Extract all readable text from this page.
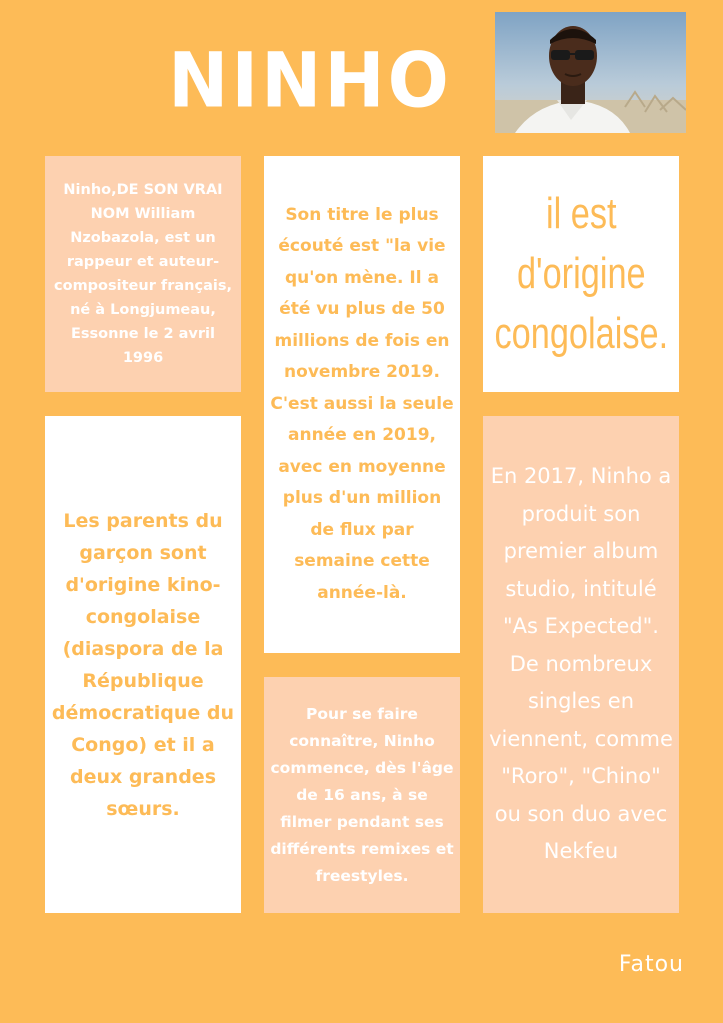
NINHO
Ninho,DE SON VRAI NOM William Nzobazola, est un rappeur et auteur-compositeur français, né à Longjumeau, Essonne le 2 avril 1996
Son titre le plus écouté est "la vie qu'on mène. Il a été vu plus de 50 millions de fois en novembre 2019. C'est aussi la seule année en 2019, avec en moyenne plus d'un million de flux par semaine cette année-là.
il est d'origine congolaise.
Les parents du garçon sont d'origine kino-congolaise (diaspora de la République démocratique du Congo) et il a deux grandes sœurs.
Pour se faire connaître, Ninho commence, dès l'âge de 16 ans, à se filmer pendant ses différents remixes et freestyles.
En 2017, Ninho a produit son premier album studio, intitulé "As Expected". De nombreux singles en viennent, comme "Roro", "Chino" ou son duo avec Nekfeu
Fatou
